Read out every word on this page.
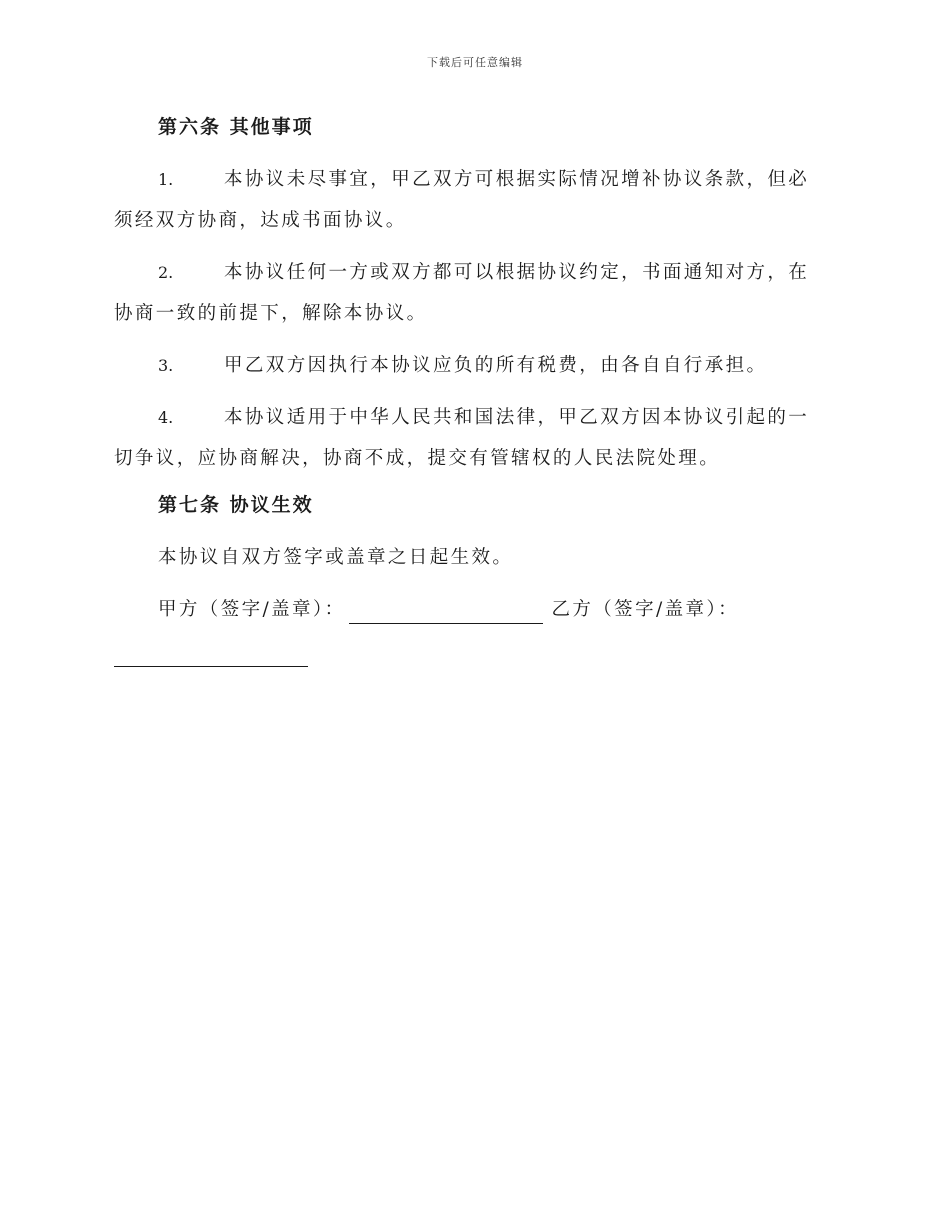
下载后可任意编辑
第六条 其他事项
1.	本协议未尽事宜，甲乙双方可根据实际情况增补协议条款，但必
须经双方协商，达成书面协议。
2.	本协议任何一方或双方都可以根据协议约定，书面通知对方，在
协商一致的前提下，解除本协议。
3.	甲乙双方因执行本协议应负的所有税费，由各自自行承担。
4.	本协议适用于中华人民共和国法律，甲乙双方因本协议引起的一
切争议，应协商解决，协商不成，提交有管辖权的人民法院处理。
第七条 协议生效
本协议自双方签字或盖章之日起生效。
甲方（签字/盖章）：	乙方（签字/盖章）：
